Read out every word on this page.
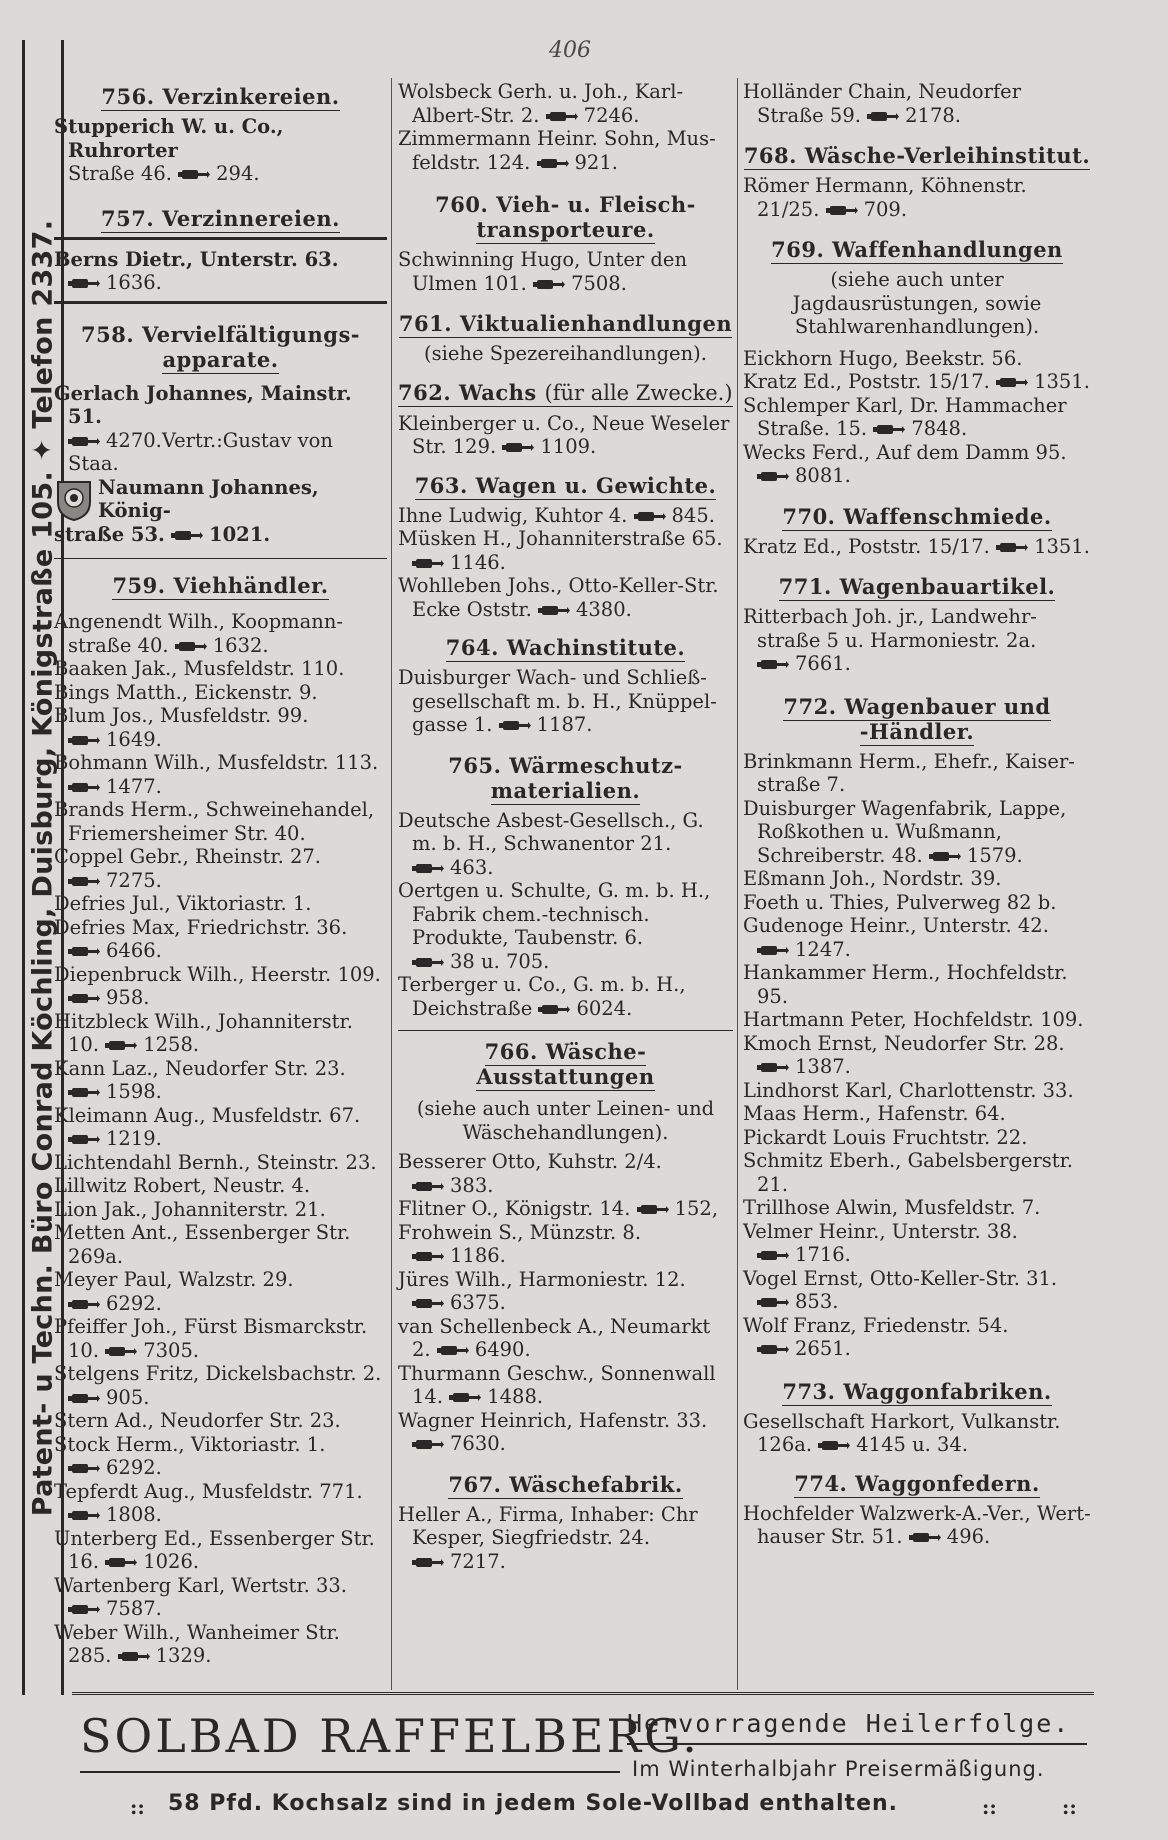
406
Patent- u Techn. Büro Conrad Köchling, Duisburg, Königstraße 105. ✦ Telefon 2337.
756. Verzinkereien.
Stupperich W. u. Co., Ruhrorter
Straße 46. 294.
757. Verzinnereien.
Berns Dietr., Unterstr. 63.
1636.
758. Vervielfältigungs-
apparate.
Gerlach Johannes, Mainstr. 51.
4270.Vertr.:Gustav von Staa.
Naumann Johannes, König-
straße 53. 1021.
759. Viehhändler.
Angenendt Wilh., Koopmann-straße 40. 1632.
Baaken Jak., Musfeldstr. 110.
Bings Matth., Eickenstr. 9.
Blum Jos., Musfeldstr. 99. 1649.
Bohmann Wilh., Musfeldstr. 113. 1477.
Brands Herm., Schweinehandel, Friemersheimer Str. 40.
Coppel Gebr., Rheinstr. 27. 7275.
Defries Jul., Viktoriastr. 1.
Defries Max, Friedrichstr. 36. 6466.
Diepenbruck Wilh., Heerstr. 109. 958.
Hitzbleck Wilh., Johanniterstr. 10. 1258.
Kann Laz., Neudorfer Str. 23. 1598.
Kleimann Aug., Musfeldstr. 67. 1219.
Lichtendahl Bernh., Steinstr. 23.
Lillwitz Robert, Neustr. 4.
Lion Jak., Johanniterstr. 21.
Metten Ant., Essenberger Str. 269a.
Meyer Paul, Walzstr. 29. 6292.
Pfeiffer Joh., Fürst Bismarckstr. 10. 7305.
Stelgens Fritz, Dickelsbachstr. 2. 905.
Stern Ad., Neudorfer Str. 23.
Stock Herm., Viktoriastr. 1. 6292.
Tepferdt Aug., Musfeldstr. 771. 1808.
Unterberg Ed., Essenberger Str. 16. 1026.
Wartenberg Karl, Wertstr. 33. 7587.
Weber Wilh., Wanheimer Str. 285. 1329.
Wolsbeck Gerh. u. Joh., Karl-Albert-Str. 2. 7246.
Zimmermann Heinr. Sohn, Mus-feldstr. 124. 921.
760. Vieh- u. Fleisch-
transporteure.
Schwinning Hugo, Unter den Ulmen 101. 7508.
761. Viktualienhandlungen
(siehe Spezereihandlungen).
762. Wachs (für alle Zwecke.)
Kleinberger u. Co., Neue Weseler Str. 129. 1109.
763. Wagen u. Gewichte.
Ihne Ludwig, Kuhtor 4. 845.
Müsken H., Johanniterstraße 65. 1146.
Wohlleben Johs., Otto-Keller-Str. Ecke Oststr. 4380.
764. Wachinstitute.
Duisburger Wach- und Schließ-gesellschaft m. b. H., Knüppel-gasse 1. 1187.
765. Wärmeschutz-
materialien.
Deutsche Asbest-Gesellsch., G. m. b. H., Schwanentor 21. 463.
Oertgen u. Schulte, G. m. b. H., Fabrik chem.-technisch. Produkte, Taubenstr. 6. 38 u. 705.
Terberger u. Co., G. m. b. H., Deichstraße 6024.
766. Wäsche-Ausstattungen
(siehe auch unter Leinen- und Wäschehandlungen).
Besserer Otto, Kuhstr. 2/4. 383.
Flitner O., Königstr. 14. 152,
Frohwein S., Münzstr. 8. 1186.
Jüres Wilh., Harmoniestr. 12. 6375.
van Schellenbeck A., Neumarkt 2. 6490.
Thurmann Geschw., Sonnenwall 14. 1488.
Wagner Heinrich, Hafenstr. 33. 7630.
767. Wäschefabrik.
Heller A., Firma, Inhaber: Chr Kesper, Siegfriedstr. 24. 7217.
Holländer Chain, Neudorfer Straße 59. 2178.
768. Wäsche-Verleihinstitut.
Römer Hermann, Köhnenstr. 21/25. 709.
769. Waffenhandlungen
(siehe auch unter Jagdausrüstungen, sowie Stahlwarenhandlungen).
Eickhorn Hugo, Beekstr. 56.
Kratz Ed., Poststr. 15/17. 1351.
Schlemper Karl, Dr. Hammacher Straße. 15. 7848.
Wecks Ferd., Auf dem Damm 95. 8081.
770. Waffenschmiede.
Kratz Ed., Poststr. 15/17. 1351.
771. Wagenbauartikel.
Ritterbach Joh. jr., Landwehr-straße 5 u. Harmoniestr. 2a. 7661.
772. Wagenbauer und
-Händler.
Brinkmann Herm., Ehefr., Kaiser-straße 7.
Duisburger Wagenfabrik, Lappe, Roßkothen u. Wußmann, Schreiberstr. 48. 1579.
Eßmann Joh., Nordstr. 39.
Foeth u. Thies, Pulverweg 82 b.
Gudenoge Heinr., Unterstr. 42. 1247.
Hankammer Herm., Hochfeldstr. 95.
Hartmann Peter, Hochfeldstr. 109.
Kmoch Ernst, Neudorfer Str. 28. 1387.
Lindhorst Karl, Charlottenstr. 33.
Maas Herm., Hafenstr. 64.
Pickardt Louis Fruchtstr. 22.
Schmitz Eberh., Gabelsbergerstr. 21.
Trillhose Alwin, Musfeldstr. 7.
Velmer Heinr., Unterstr. 38. 1716.
Vogel Ernst, Otto-Keller-Str. 31. 853.
Wolf Franz, Friedenstr. 54. 2651.
773. Waggonfabriken.
Gesellschaft Harkort, Vulkanstr. 126a. 4145 u. 34.
774. Waggonfedern.
Hochfelder Walzwerk-A.-Ver., Wert-hauser Str. 51. 496.
SOLBAD RAFFELBERG.
Hervorragende Heilerfolge.
Im Winterhalbjahr Preisermäßigung.
:: 58 Pfd. Kochsalz sind in jedem Sole-Vollbad enthalten.	::	::
